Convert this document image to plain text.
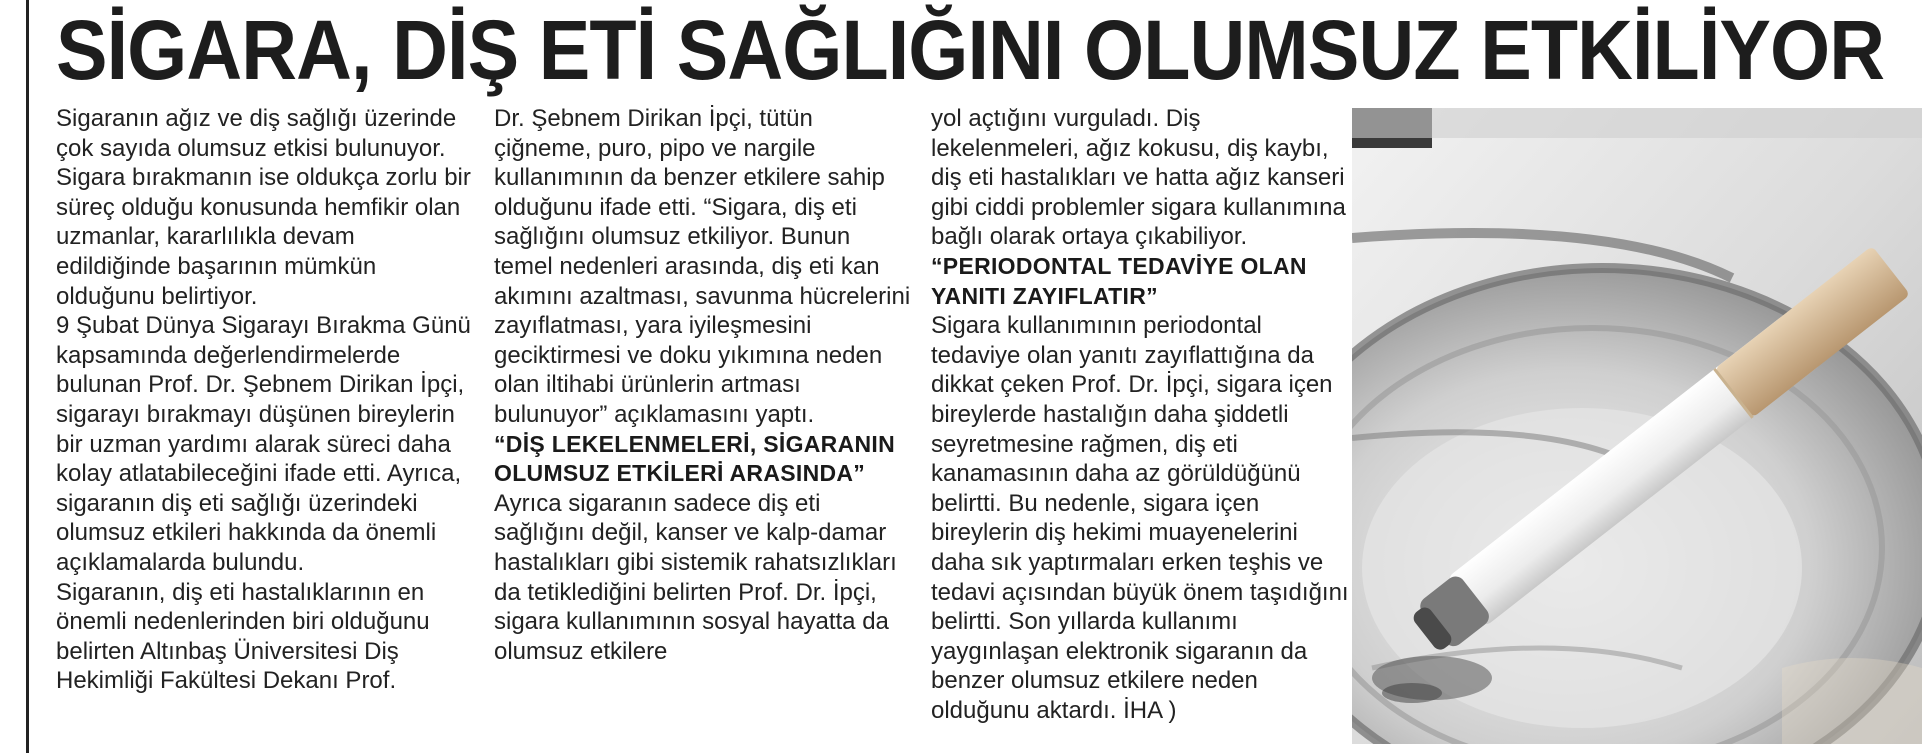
SİGARA, DİŞ ETİ SAĞLIĞINI OLUMSUZ ETKİLİYOR

Sigaranın ağız ve diş sağlığı üzerinde çok sayıda olumsuz etkisi bulunuyor. Sigara bırakmanın ise oldukça zorlu bir süreç olduğu konusunda hemfikir olan uzmanlar, kararlılıkla devam edildiğinde başarının mümkün olduğunu belirtiyor.

9 Şubat Dünya Sigarayı Bırakma Günü kapsamında değerlendirmelerde bulunan Prof. Dr. Şebnem Dirikan İpçi, sigarayı bırakmayı düşünen bireylerin bir uzman yardımı alarak süreci daha kolay atlatabileceğini ifade etti. Ayrıca, sigaranın diş eti sağlığı üzerindeki olumsuz etkileri hakkında da önemli açıklamalarda bulundu.

Sigaranın, diş eti hastalıklarının en önemli nedenlerinden biri olduğunu belirten Altınbaş Üniversitesi Diş Hekimliği Fakültesi Dekanı Prof.

Dr. Şebnem Dirikan İpçi, tütün çiğneme, puro, pipo ve nargile kullanımının da benzer etkilere sahip olduğunu ifade etti. “Sigara, diş eti sağlığını olumsuz etkiliyor. Bunun temel nedenleri arasında, diş eti kan akımını azaltması, savunma hücrelerini zayıflatması, yara iyileşmesini geciktirmesi ve doku yıkımına neden olan iltihabi ürünlerin artması bulunuyor” açıklamasını yaptı.

“DİŞ LEKELENMELERİ, SİGARANIN OLUMSUZ ETKİLERİ ARASINDA”

Ayrıca sigaranın sadece diş eti sağlığını değil, kanser ve kalp-damar hastalıkları gibi sistemik rahatsızlıkları da tetiklediğini belirten Prof. Dr. İpçi, sigara kullanımının sosyal hayatta da olumsuz etkilere

yol açtığını vurguladı. Diş lekelenmeleri, ağız kokusu, diş kaybı, diş eti hastalıkları ve hatta ağız kanseri gibi ciddi problemler sigara kullanımına bağlı olarak ortaya çıkabiliyor.

“PERIODONTAL TEDAVİYE OLAN YANITI ZAYIFLATIR”

Sigara kullanımının periodontal tedaviye olan yanıtı zayıflattığına da dikkat çeken Prof. Dr. İpçi, sigara içen bireylerde hastalığın daha şiddetli seyretmesine rağmen, diş eti kanamasının daha az görüldüğünü belirtti. Bu nedenle, sigara içen bireylerin diş hekimi muayenelerini daha sık yaptırmaları erken teşhis ve tedavi açısından büyük önem taşıdığını belirtti. Son yıllarda kullanımı yaygınlaşan elektronik sigaranın da benzer olumsuz etkilere neden olduğunu aktardı. İHA )
